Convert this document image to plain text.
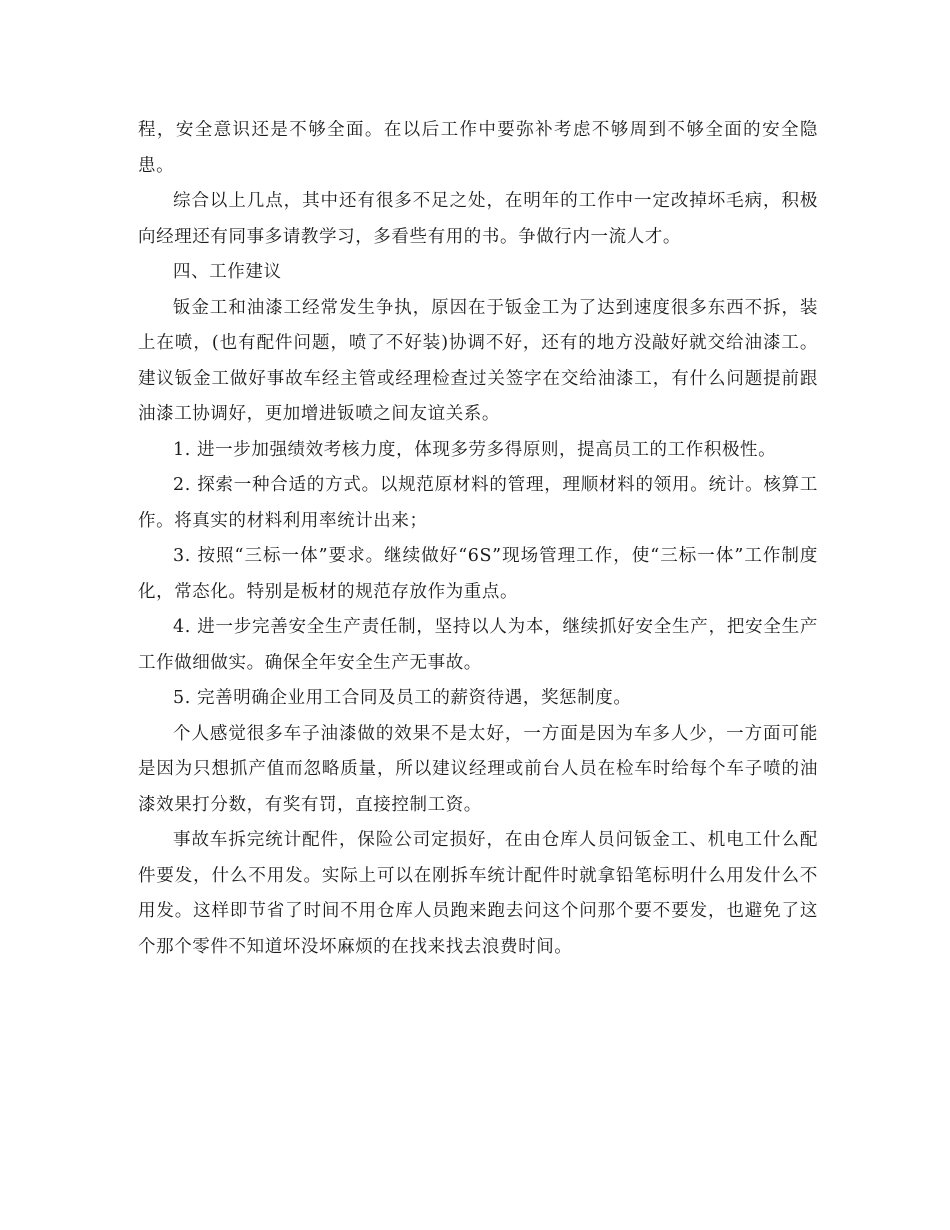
程，安全意识还是不够全面。在以后工作中要弥补考虑不够周到不够全面的安全隐患。

综合以上几点，其中还有很多不足之处，在明年的工作中一定改掉坏毛病，积极向经理还有同事多请教学习，多看些有用的书。争做行内一流人才。

四、工作建议

钣金工和油漆工经常发生争执，原因在于钣金工为了达到速度很多东西不拆，装上在喷，(也有配件问题，喷了不好装)协调不好，还有的地方没敲好就交给油漆工。建议钣金工做好事故车经主管或经理检查过关签字在交给油漆工，有什么问题提前跟油漆工协调好，更加增进钣喷之间友谊关系。

1. 进一步加强绩效考核力度，体现多劳多得原则，提高员工的工作积极性。

2. 探索一种合适的方式。以规范原材料的管理，理顺材料的领用。统计。核算工作。将真实的材料利用率统计出来；

3. 按照“三标一体”要求。继续做好“6S”现场管理工作，使“三标一体”工作制度化，常态化。特别是板材的规范存放作为重点。

4. 进一步完善安全生产责任制，坚持以人为本，继续抓好安全生产，把安全生产工作做细做实。确保全年安全生产无事故。

5. 完善明确企业用工合同及员工的薪资待遇，奖惩制度。

个人感觉很多车子油漆做的效果不是太好，一方面是因为车多人少，一方面可能是因为只想抓产值而忽略质量，所以建议经理或前台人员在检车时给每个车子喷的油漆效果打分数，有奖有罚，直接控制工资。

事故车拆完统计配件，保险公司定损好，在由仓库人员问钣金工、机电工什么配件要发，什么不用发。实际上可以在刚拆车统计配件时就拿铅笔标明什么用发什么不用发。这样即节省了时间不用仓库人员跑来跑去问这个问那个要不要发，也避免了这个那个零件不知道坏没坏麻烦的在找来找去浪费时间。
